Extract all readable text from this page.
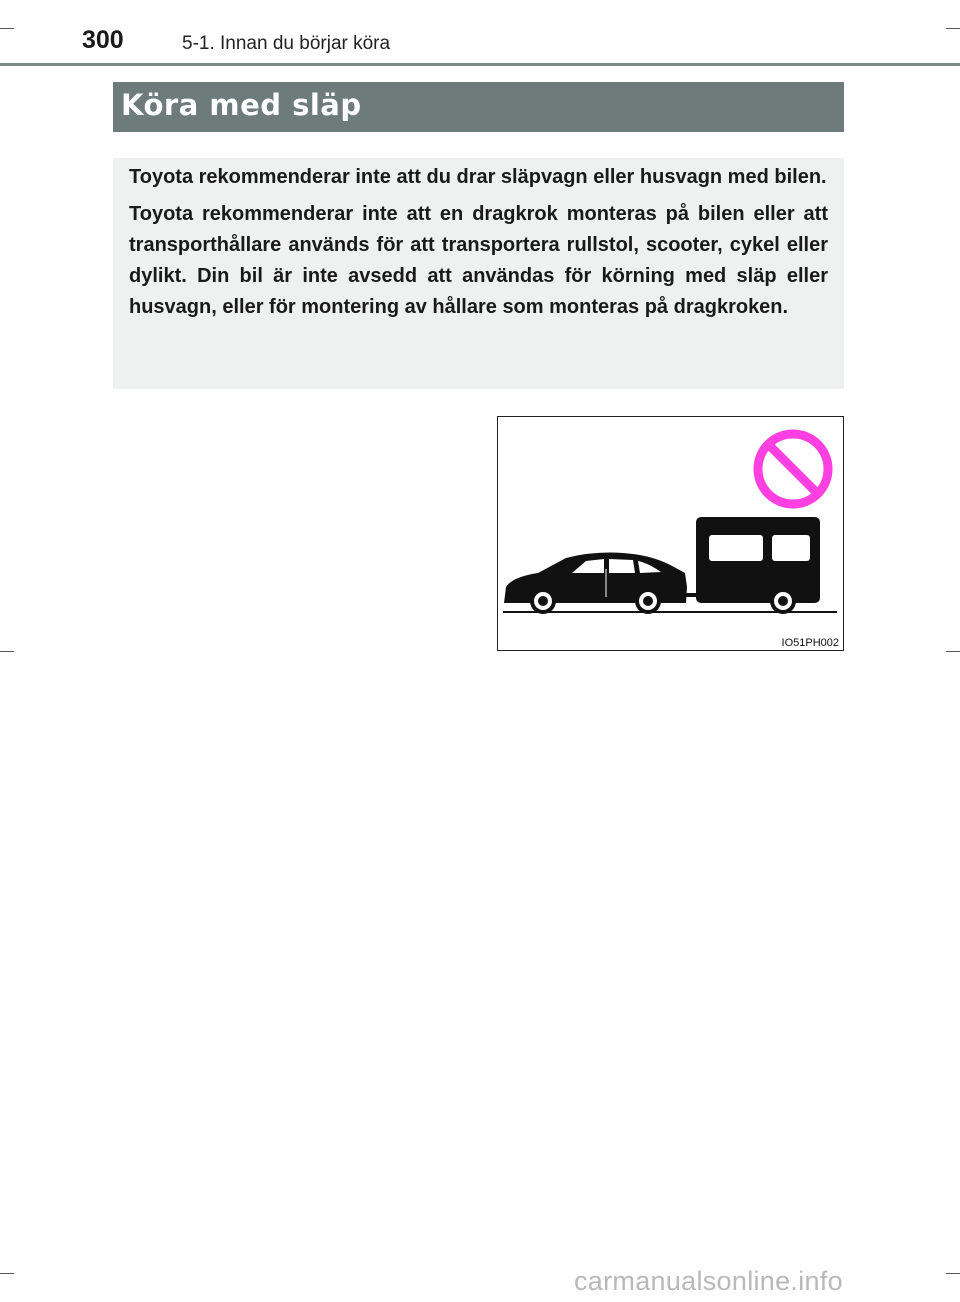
300	5-1. Innan du börjar köra
Köra med släp

Toyota rekommenderar inte att du drar släpvagn eller husvagn med bilen.

Toyota rekommenderar inte att en dragkrok monteras på bilen eller att transporthållare används för att transportera rullstol, scooter, cykel eller dylikt. Din bil är inte avsedd att användas för körning med släp eller husvagn, eller för montering av hållare som monteras på dragkroken.

IO51PH002
carmanualsonline.info
